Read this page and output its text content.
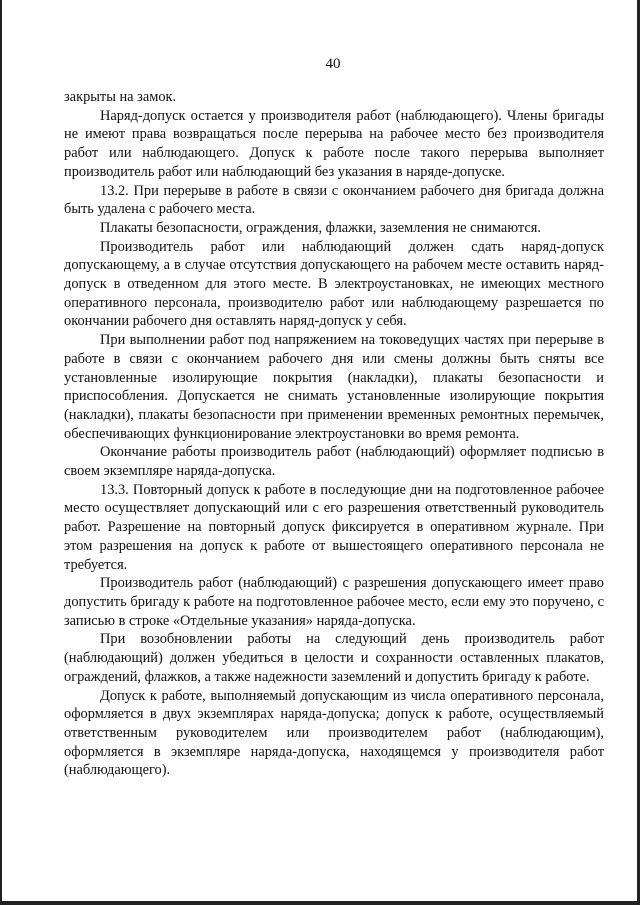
40

закрыты на замок.

Наряд-допуск остается у производителя работ (наблюдающего). Члены бригады не имеют права возвращаться после перерыва на рабочее место без производителя работ или наблюдающего. Допуск к работе после такого перерыва выполняет производитель работ или наблюдающий без указания в наряде-допуске.

13.2. При перерыве в работе в связи с окончанием рабочего дня бригада должна быть удалена с рабочего места.

Плакаты безопасности, ограждения, флажки, заземления не снимаются.

Производитель работ или наблюдающий должен сдать наряд-допуск допускающему, а в случае отсутствия допускающего на рабочем месте оставить наряд-допуск в отведенном для этого месте. В электроустановках, не имеющих местного оперативного персонала, производителю работ или наблюдающему разрешается по окончании рабочего дня оставлять наряд-допуск у себя.

При выполнении работ под напряжением на токоведущих частях при перерыве в работе в связи с окончанием рабочего дня или смены должны быть сняты все установленные изолирующие покрытия (накладки), плакаты безопасности и приспособления. Допускается не снимать установленные изолирующие покрытия (накладки), плакаты безопасности при применении временных ремонтных перемычек, обеспечивающих функционирование электроустановки во время ремонта.

Окончание работы производитель работ (наблюдающий) оформляет подписью в своем экземпляре наряда-допуска.

13.3. Повторный допуск к работе в последующие дни на подготовленное рабочее место осуществляет допускающий или с его разрешения ответственный руководитель работ. Разрешение на повторный допуск фиксируется в оперативном журнале. При этом разрешения на допуск к работе от вышестоящего оперативного персонала не требуется.

Производитель работ (наблюдающий) с разрешения допускающего имеет право допустить бригаду к работе на подготовленное рабочее место, если ему это поручено, с записью в строке «Отдельные указания» наряда-допуска.

При возобновлении работы на следующий день производитель работ (наблюдающий) должен убедиться в целости и сохранности оставленных плакатов, ограждений, флажков, а также надежности заземлений и допустить бригаду к работе.

Допуск к работе, выполняемый допускающим из числа оперативного персонала, оформляется в двух экземплярах наряда-допуска; допуск к работе, осуществляемый ответственным руководителем или производителем работ (наблюдающим), оформляется в экземпляре наряда-допуска, находящемся у производителя работ (наблюдающего).
